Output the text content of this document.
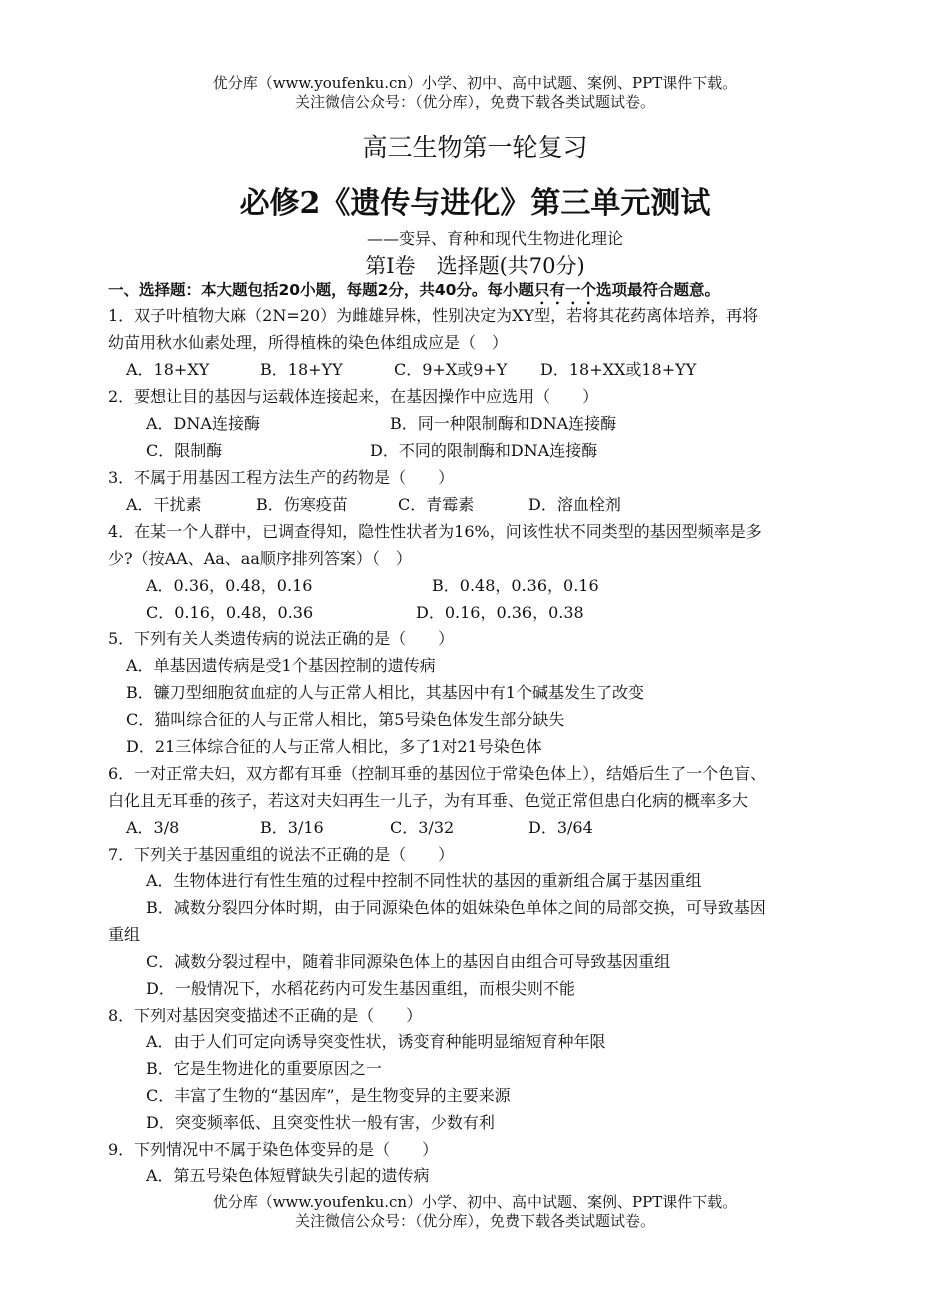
优分库（www.youfenku.cn）小学、初中、高中试题、案例、PPT课件下载。
关注微信公众号：（优分库），免费下载各类试题试卷。
高三生物第一轮复习
必修2《遗传与进化》第三单元测试
——变异、育种和现代生物进化理论
第Ⅰ卷　选择题(共70分)
一、选择题：本大题包括20小题，每题2分，共40分。每小题只有一个选项最符合题意。
1．双子叶植物大麻（2N=20）为雌雄异株，性别决定为XY型，若将其花药离体培养，再将
幼苗用秋水仙素处理，所得植株的染色体组成应是（　）
A．18+XY	B．18+YY	C．9+X或9+Y D．18+XX或18+YY
2．要想让目的基因与运载体连接起来，在基因操作中应选用（　　）
A．DNA连接酶	B．同一种限制酶和DNA连接酶
C．限制酶	D．不同的限制酶和DNA连接酶
3．不属于用基因工程方法生产的药物是（　　）
A．干扰素	B．伤寒疫苗	C．青霉素	D．溶血栓剂
4．在某一个人群中，已调查得知，隐性性状者为16%，问该性状不同类型的基因型频率是多
少?（按AA、Aa、aa顺序排列答案）（　）
A．0.36，0.48，0.16	B．0.48，0.36，0.16
C．0.16，0.48，0.36	D．0.16，0.36，0.38
5．下列有关人类遗传病的说法正确的是（　　）
A．单基因遗传病是受1个基因控制的遗传病
B．镰刀型细胞贫血症的人与正常人相比，其基因中有1个碱基发生了改变
C．猫叫综合征的人与正常人相比，第5号染色体发生部分缺失
D．21三体综合征的人与正常人相比，多了1对21号染色体
6．一对正常夫妇，双方都有耳垂（控制耳垂的基因位于常染色体上），结婚后生了一个色盲、
白化且无耳垂的孩子，若这对夫妇再生一儿子，为有耳垂、色觉正常但患白化病的概率多大
A．3/8	B．3/16	C．3/32	D．3/64
7．下列关于基因重组的说法不正确的是（　　）
A．生物体进行有性生殖的过程中控制不同性状的基因的重新组合属于基因重组
B．减数分裂四分体时期，由于同源染色体的姐妹染色单体之间的局部交换，可导致基因
重组
C．减数分裂过程中，随着非同源染色体上的基因自由组合可导致基因重组
D．一般情况下，水稻花药内可发生基因重组，而根尖则不能
8．下列对基因突变描述不正确的是（　　）
A．由于人们可定向诱导突变性状，诱变育种能明显缩短育种年限
B．它是生物进化的重要原因之一
C．丰富了生物的“基因库”，是生物变异的主要来源
D．突变频率低、且突变性状一般有害，少数有利
9．下列情况中不属于染色体变异的是（　　）
A．第五号染色体短臂缺失引起的遗传病
优分库（www.youfenku.cn）小学、初中、高中试题、案例、PPT课件下载。
关注微信公众号：（优分库），免费下载各类试题试卷。
